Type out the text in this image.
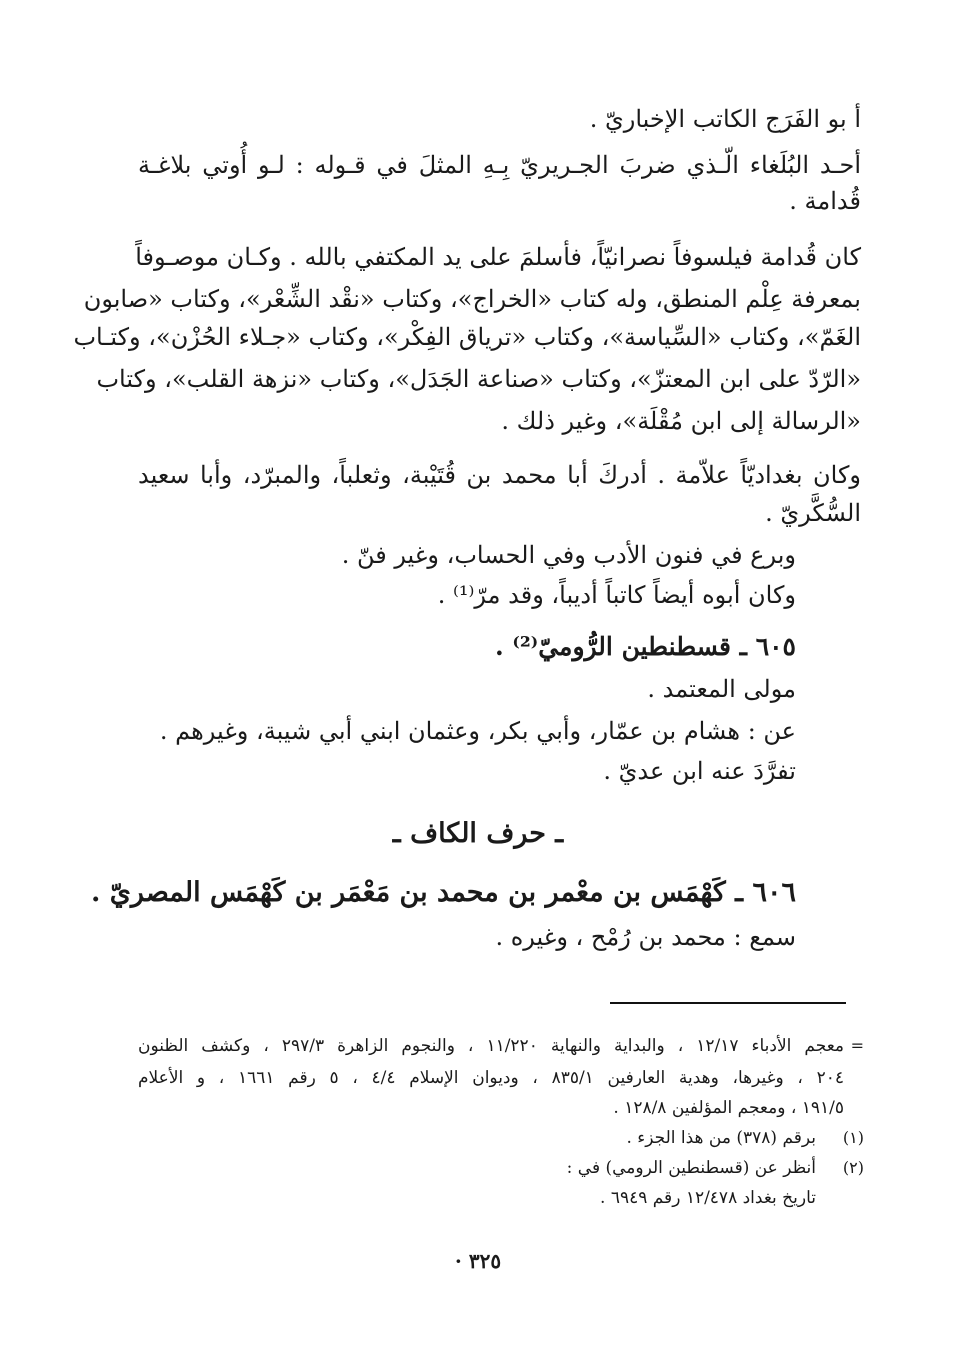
أ بو الفَرَج الكاتب الإخباريّ .
أحـد البُلَغاء الّـذي ضربَ الجـريريّ بِـهِ المثلَ في قـوله : لـو أُوتي بلاغـة
قُدامة .
كان قُدامة فيلسوفاً نصرانيّاً، فأسلمَ على يد المكتفي بالله . وكـان موصـوفاً
بمعرفة عِلْم المنطق، وله كتاب «الخراج»، وكتاب «نقْد الشِّعْر»، وكتاب «صابون
الغَمّ»، وكتاب «السِّياسة»، وكتاب «ترياق الفِكْر»، وكتاب «جـلاء الحُزْن»، وكتـاب
«الرّدّ على ابن المعتزّ»، وكتاب «صناعة الجَدَل»، وكتاب «نزهة القلب»، وكتاب
«الرسالة إلى ابن مُقْلَة»، وغير ذلك .
وكان بغداديّاً علاّمة . أدركَ أبا محمد بن قُتَيْبة، وثعلباً، والمبرّد، وأبا سعيد
السُّكَّريّ .
وبرع في فنون الأدب وفي الحساب، وغير فنّ .
وكان أبوه أيضاً كاتباً أديباً، وقد مرّ⁽¹⁾ .
٦٠٥ ـ قسطنطين الرُّوميّ⁽²⁾ .
مولى المعتمد .
عن : هشام بن عمّار، وأبي بكر، وعثمان ابني أبي شيبة، وغيرهم .
تفرَّدَ عنه ابن عديّ .
ـ حرف الكاف ـ
٦٠٦ ـ كَهْمَس بن معْمر بن محمد بن مَعْمَر بن كَهْمَس المصريّ .
سمع : محمد بن رُمْح ، وغيره .
=
معجم الأدباء ١٢/١٧ ، والبداية والنهاية ١١/٢٢٠ ، والنجوم الزاهرة ٢٩٧/٣ ، وكشف الظنون
٢٠٤ ، وغيرها، وهدية العارفين ٨٣٥/١ ، وديوان الإسلام ٤/٤ ، ٥ رقم ١٦٦١ ، و الأعلام
١٩١/٥ ، ومعجم المؤلفين ١٢٨/٨ .
(١)
برقم (٣٧٨) من هذا الجزء .
(٢)
أنظر عن (قسطنطين الرومي) في :
تاريخ بغداد ١٢/٤٧٨ رقم ٦٩٤٩ .
٣٢٥ ·
